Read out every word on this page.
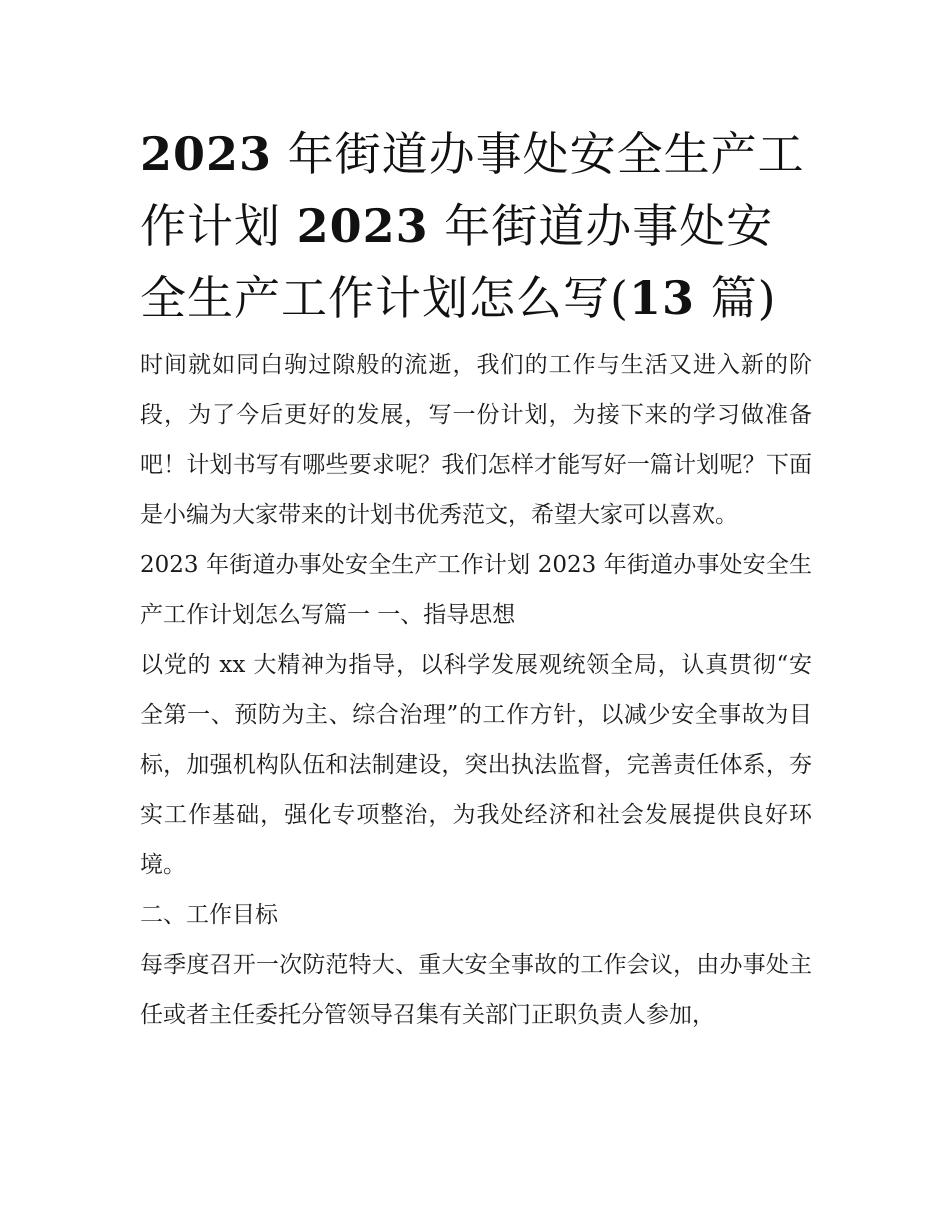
2023 年街道办事处安全生产工
作计划 2023 年街道办事处安
全生产工作计划怎么写(13 篇)

时间就如同白驹过隙般的流逝，我们的工作与生活又进入新的阶段，为了今后更好的发展，写一份计划，为接下来的学习做准备吧！计划书写有哪些要求呢？我们怎样才能写好一篇计划呢？下面是小编为大家带来的计划书优秀范文，希望大家可以喜欢。

2023 年街道办事处安全生产工作计划 2023 年街道办事处安全生产工作计划怎么写篇一 一、指导思想

以党的 xx 大精神为指导，以科学发展观统领全局，认真贯彻“安全第一、预防为主、综合治理”的工作方针，以减少安全事故为目标，加强机构队伍和法制建设，突出执法监督，完善责任体系，夯实工作基础，强化专项整治，为我处经济和社会发展提供良好环境。

二、工作目标

每季度召开一次防范特大、重大安全事故的工作会议，由办事处主任或者主任委托分管领导召集有关部门正职负责人参加，
